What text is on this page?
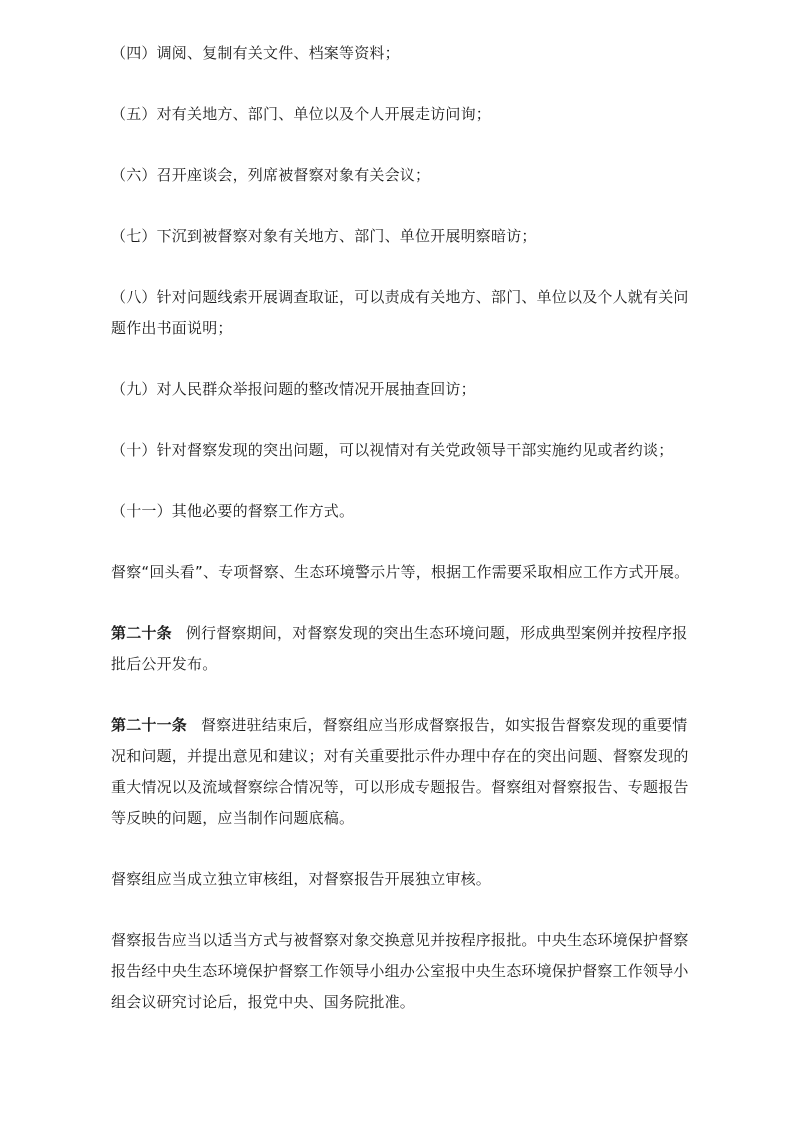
（四）调阅、复制有关文件、档案等资料；

（五）对有关地方、部门、单位以及个人开展走访问询；

（六）召开座谈会，列席被督察对象有关会议；

（七）下沉到被督察对象有关地方、部门、单位开展明察暗访；

（八）针对问题线索开展调查取证，可以责成有关地方、部门、单位以及个人就有关问题作出书面说明；

（九）对人民群众举报问题的整改情况开展抽查回访；

（十）针对督察发现的突出问题，可以视情对有关党政领导干部实施约见或者约谈；

（十一）其他必要的督察工作方式。

督察“回头看”、专项督察、生态环境警示片等，根据工作需要采取相应工作方式开展。

第二十条 例行督察期间，对督察发现的突出生态环境问题，形成典型案例并按程序报批后公开发布。

第二十一条 督察进驻结束后，督察组应当形成督察报告，如实报告督察发现的重要情况和问题，并提出意见和建议；对有关重要批示件办理中存在的突出问题、督察发现的重大情况以及流域督察综合情况等，可以形成专题报告。督察组对督察报告、专题报告等反映的问题，应当制作问题底稿。

督察组应当成立独立审核组，对督察报告开展独立审核。

督察报告应当以适当方式与被督察对象交换意见并按程序报批。中央生态环境保护督察报告经中央生态环境保护督察工作领导小组办公室报中央生态环境保护督察工作领导小组会议研究讨论后，报党中央、国务院批准。
